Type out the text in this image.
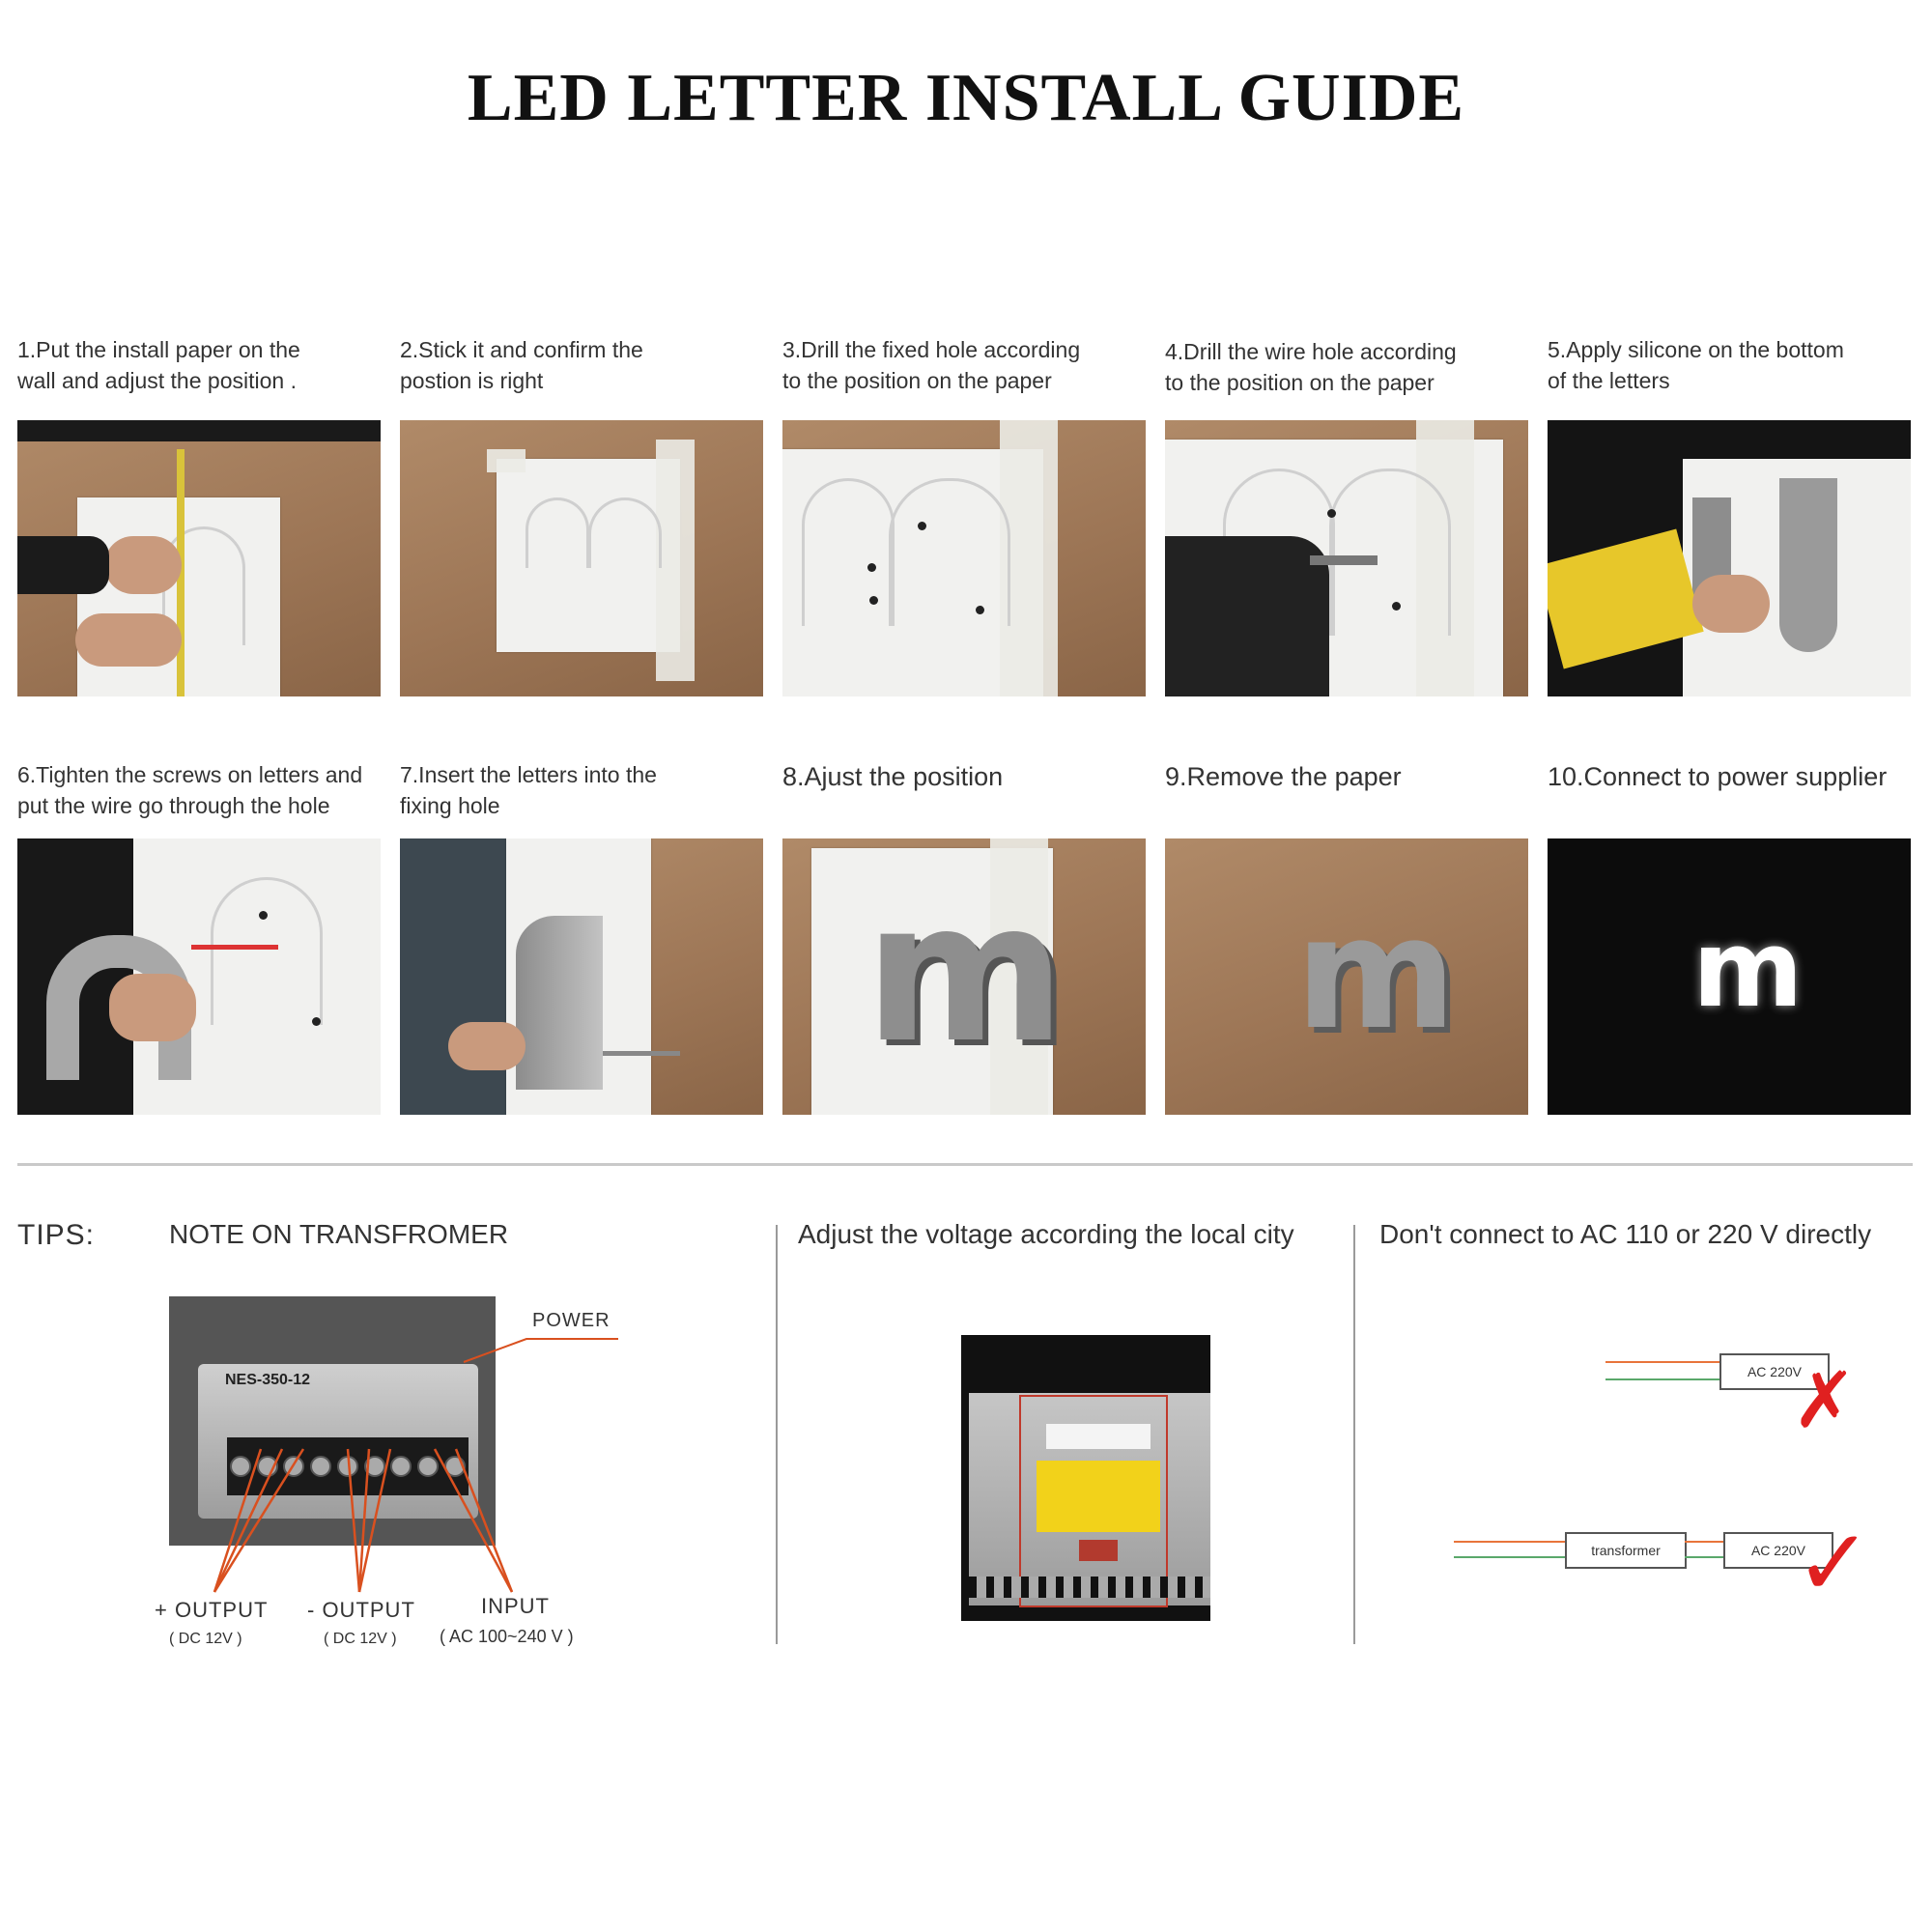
LED LETTER INSTALL GUIDE
1.Put the install paper on the
wall and adjust the position .
2.Stick it and confirm the
postion is right
3.Drill the fixed hole according
to the position on the paper
4.Drill the wire hole according
to the position on the paper
5.Apply silicone on the bottom
of the letters
6.Tighten the screws on letters and
put the wire go through the hole
7.Insert the letters into the
fixing hole
8.Ajust the position	9.Remove the paper	10.Connect to power supplier
m m m
TIPS:	NOTE ON TRANSFROMER	Adjust the voltage according the local city	Don't connect to AC 110 or 220 V directly
NES-350-12
POWER
+ OUTPUT
( DC 12V )
- OUTPUT
( DC 12V )
INPUT
( AC 100~240 V )
AC 220V
✗
transformer	AC 220V
✓
